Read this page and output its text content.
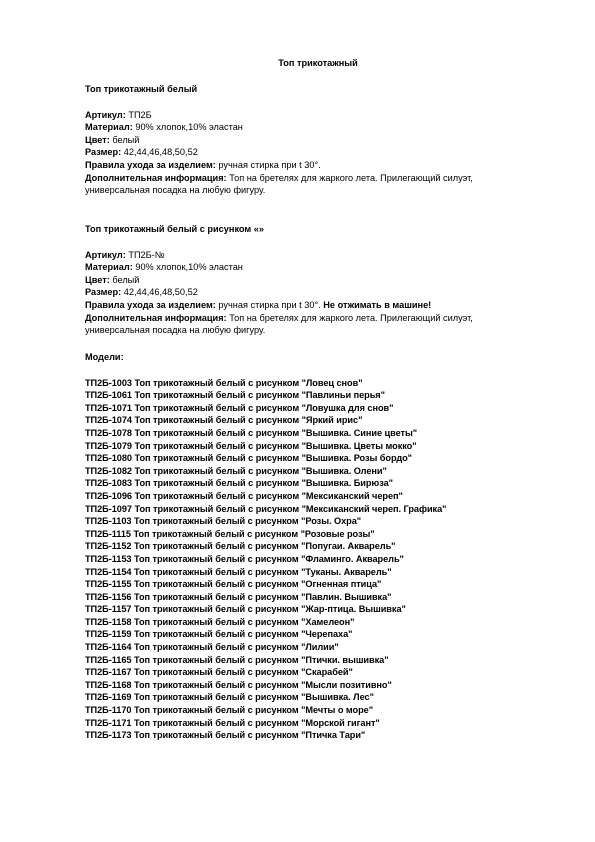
Топ трикотажный
Топ трикотажный белый
Артикул: ТП2Б
Материал: 90% хлопок,10% эластан
Цвет: белый
Размер: 42,44,46,48,50,52
Правила ухода за изделием: ручная стирка при t 30°.
Дополнительная информация: Топ на бретелях для жаркого лета. Прилегающий силуэт, универсальная посадка на любую фигуру.
Топ трикотажный белый с рисунком «»
Артикул: ТП2Б-№
Материал: 90% хлопок,10% эластан
Цвет: белый
Размер: 42,44,46,48,50,52
Правила ухода за изделием: ручная стирка при t 30°. Не отжимать в машине!
Дополнительная информация: Топ на бретелях для жаркого лета. Прилегающий силуэт, универсальная посадка на любую фигуру.
Модели:
ТП2Б-1003 Топ трикотажный белый с рисунком "Ловец снов"
ТП2Б-1061 Топ трикотажный белый с рисунком "Павлиньи перья"
ТП2Б-1071 Топ трикотажный белый с рисунком "Ловушка для снов"
ТП2Б-1074 Топ трикотажный белый с рисунком "Яркий ирис"
ТП2Б-1078 Топ трикотажный белый с рисунком "Вышивка. Синие цветы"
ТП2Б-1079 Топ трикотажный белый с рисунком "Вышивка. Цветы мокко"
ТП2Б-1080 Топ трикотажный белый с рисунком "Вышивка. Розы бордо"
ТП2Б-1082 Топ трикотажный белый с рисунком "Вышивка. Олени"
ТП2Б-1083 Топ трикотажный белый с рисунком "Вышивка. Бирюза"
ТП2Б-1096 Топ трикотажный белый с рисунком "Мексиканский череп"
ТП2Б-1097 Топ трикотажный белый с рисунком "Мексиканский череп. Графика"
ТП2Б-1103 Топ трикотажный белый с рисунком "Розы. Охра"
ТП2Б-1115 Топ трикотажный белый с рисунком "Розовые розы"
ТП2Б-1152 Топ трикотажный белый с рисунком "Попугаи. Акварель"
ТП2Б-1153 Топ трикотажный белый с рисунком "Фламинго. Акварель"
ТП2Б-1154 Топ трикотажный белый с рисунком "Туканы. Акварель"
ТП2Б-1155 Топ трикотажный белый с рисунком "Огненная птица"
ТП2Б-1156 Топ трикотажный белый с рисунком "Павлин. Вышивка"
ТП2Б-1157 Топ трикотажный белый с рисунком "Жар-птица. Вышивка"
ТП2Б-1158 Топ трикотажный белый с рисунком "Хамелеон"
ТП2Б-1159 Топ трикотажный белый с рисунком "Черепаха"
ТП2Б-1164 Топ трикотажный белый с рисунком "Лилии"
ТП2Б-1165 Топ трикотажный белый с рисунком "Птички. вышивка"
ТП2Б-1167 Топ трикотажный белый с рисунком "Скарабей"
ТП2Б-1168 Топ трикотажный белый с рисунком "Мысли позитивно"
ТП2Б-1169 Топ трикотажный белый с рисунком "Вышивка. Лес"
ТП2Б-1170 Топ трикотажный белый с рисунком "Мечты о море"
ТП2Б-1171 Топ трикотажный белый с рисунком "Морской гигант"
ТП2Б-1173 Топ трикотажный белый с рисунком "Птичка Тари"
